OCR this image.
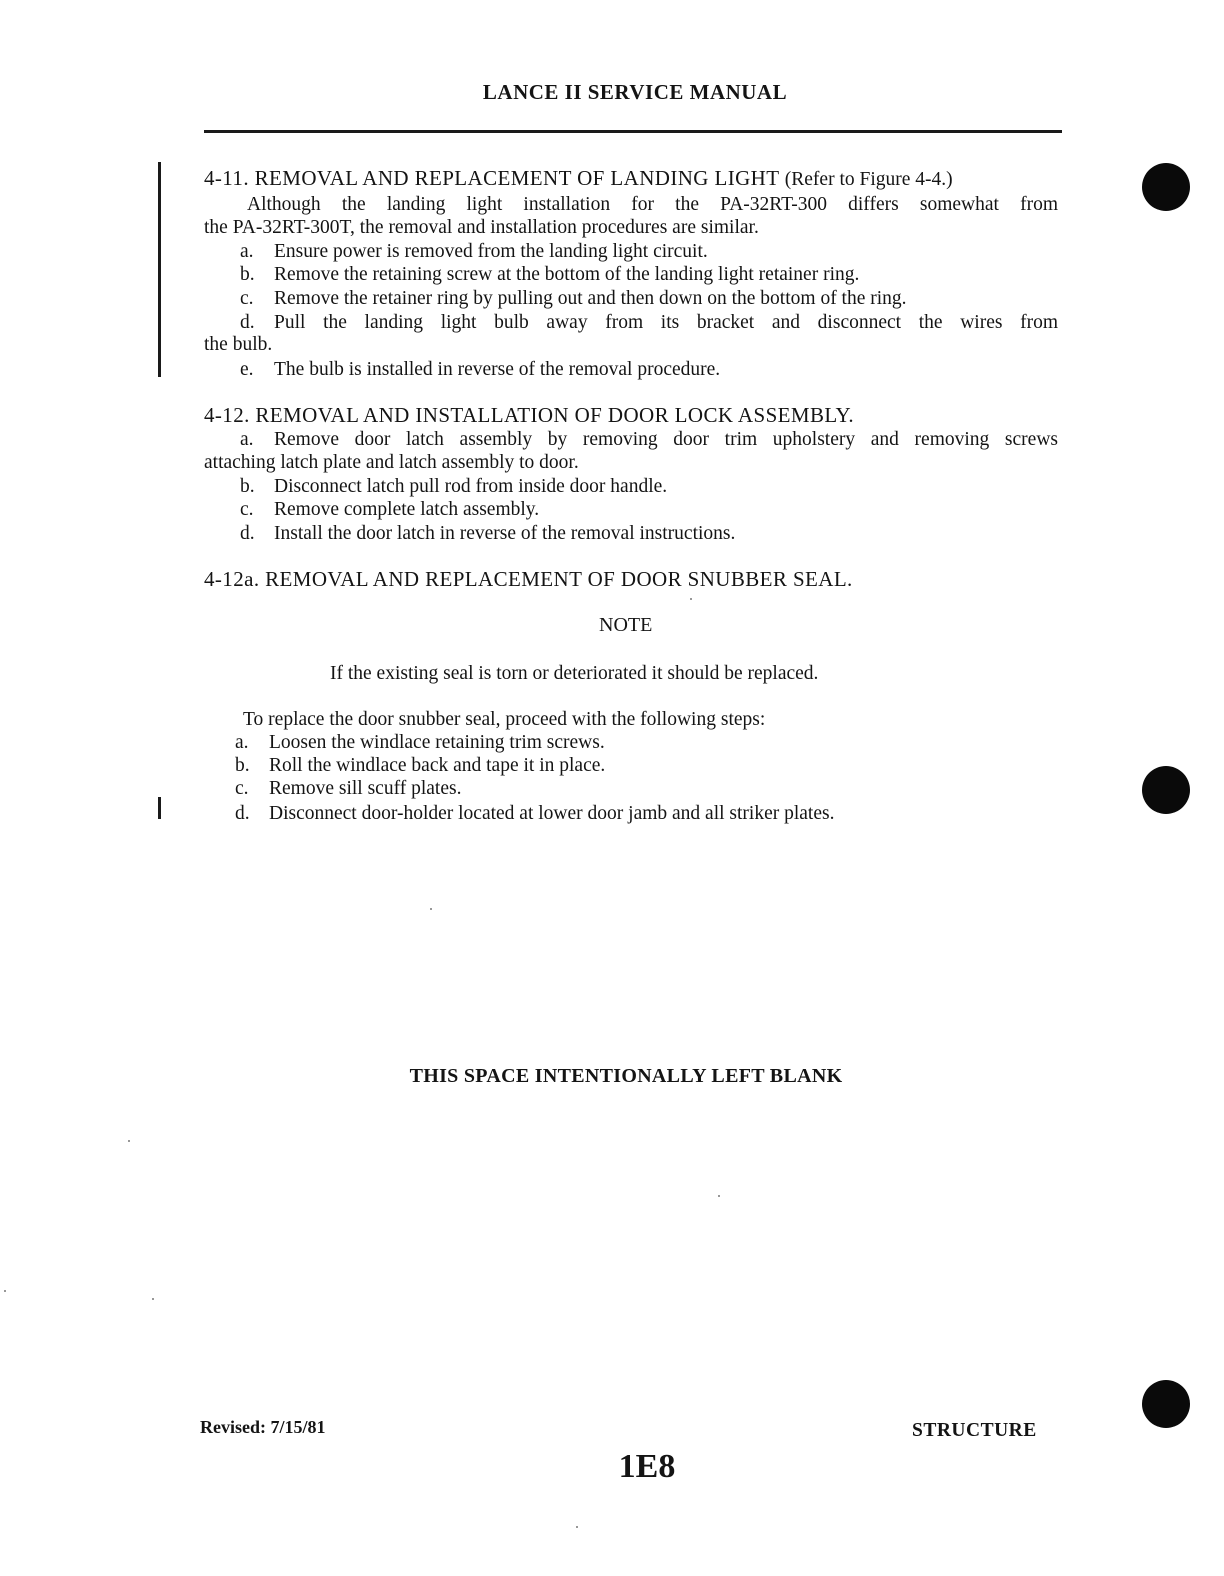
LANCE II SERVICE MANUAL
4-11. REMOVAL AND REPLACEMENT OF LANDING LIGHT (Refer to Figure 4-4.)
Although the landing light installation for the PA-32RT-300 differs somewhat from
the PA-32RT-300T, the removal and installation procedures are similar.
a.	Ensure power is removed from the landing light circuit.
b. Remove the retaining screw at the bottom of the landing light retainer ring.
c.	Remove the retainer ring by pulling out and then down on the bottom of the ring.
d. Pull the landing light bulb away from its bracket and disconnect the wires from
the bulb.
e.	The bulb is installed in reverse of the removal procedure.
4-12. REMOVAL AND INSTALLATION OF DOOR LOCK ASSEMBLY.
a.	Remove door latch assembly by removing door trim upholstery and removing screws
attaching latch plate and latch assembly to door.
b. Disconnect latch pull rod from inside door handle.
c.	Remove complete latch assembly.
d. Install the door latch in reverse of the removal instructions.
4-12a. REMOVAL AND REPLACEMENT OF DOOR SNUBBER SEAL.
NOTE
If the existing seal is torn or deteriorated it should be replaced.
To replace the door snubber seal, proceed with the following steps:
a.	Loosen the windlace retaining trim screws.
b. Roll the windlace back and tape it in place.
c.	Remove sill scuff plates.
d. Disconnect door-holder located at lower door jamb and all striker plates.
THIS SPACE INTENTIONALLY LEFT BLANK
Revised: 7/15/81	STRUCTURE
1E8
